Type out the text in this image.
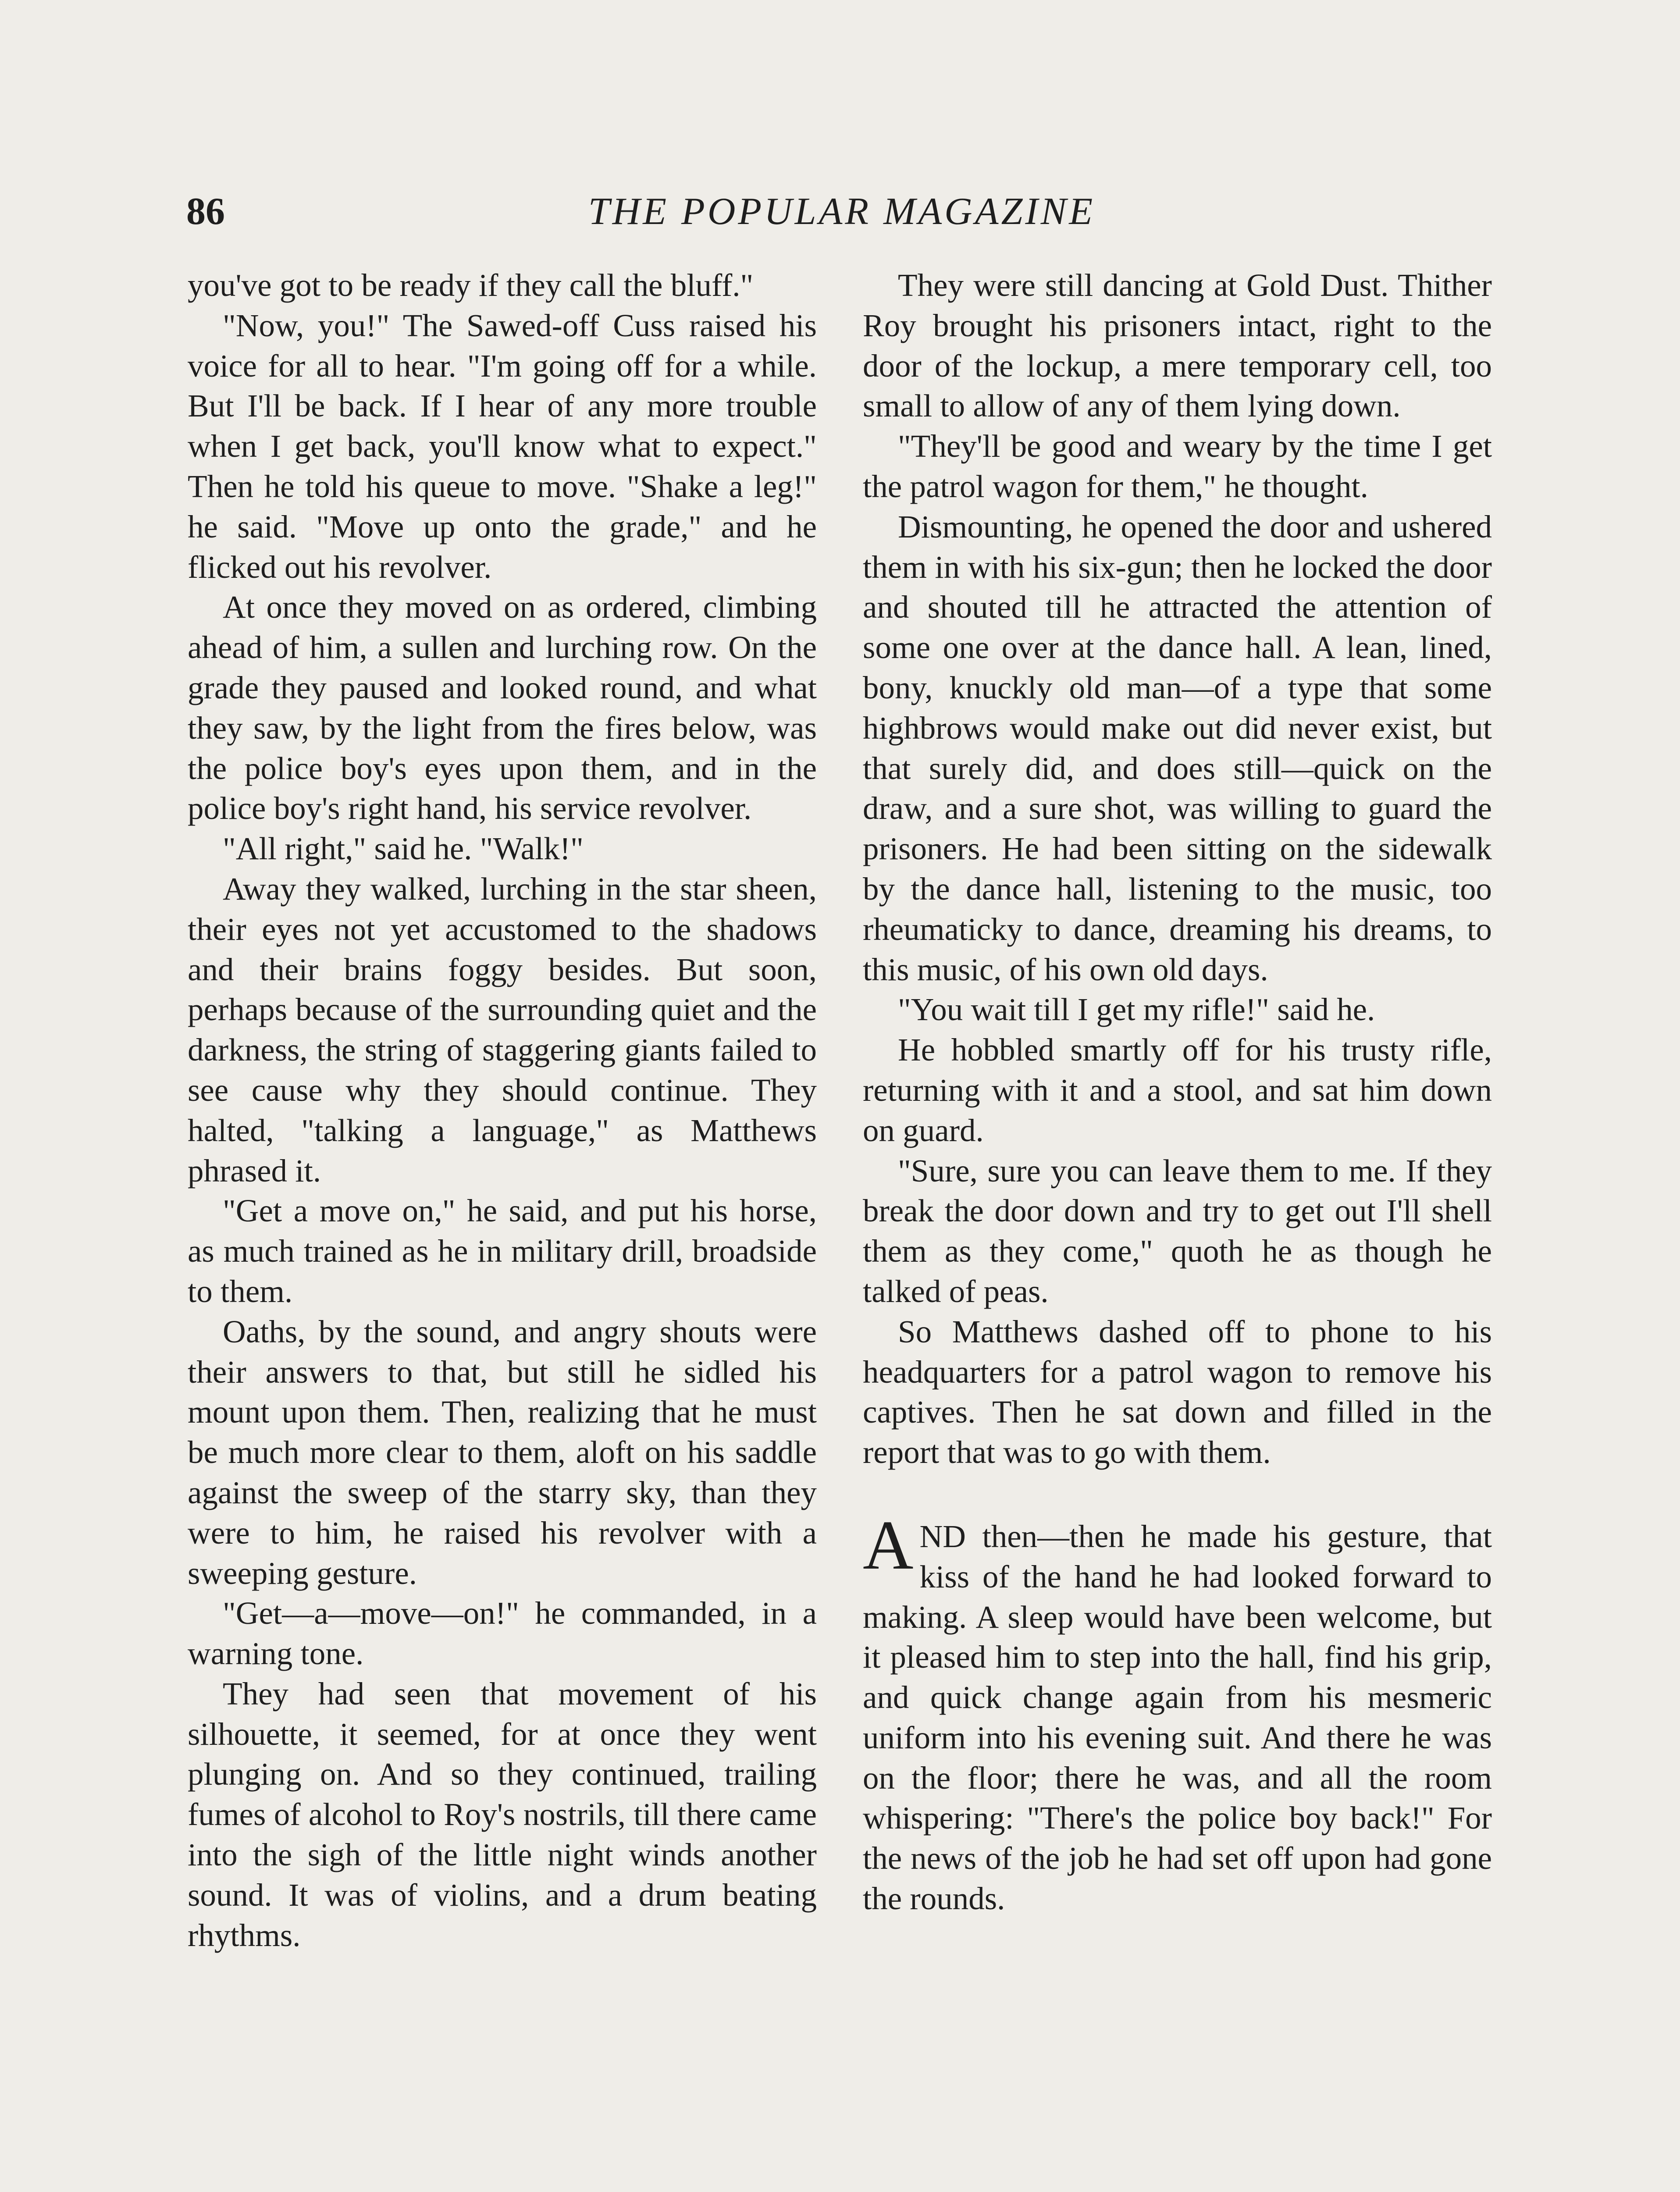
86	THE POPULAR MAGAZINE

you've got to be ready if they call the bluff."

"Now, you!" The Sawed-off Cuss raised his voice for all to hear. "I'm going off for a while. But I'll be back. If I hear of any more trouble when I get back, you'll know what to expect." Then he told his queue to move. "Shake a leg!" he said. "Move up onto the grade," and he flicked out his revolver.

At once they moved on as ordered, climbing ahead of him, a sullen and lurching row. On the grade they paused and looked round, and what they saw, by the light from the fires below, was the police boy's eyes upon them, and in the police boy's right hand, his service revolver.

"All right," said he. "Walk!"

Away they walked, lurching in the star sheen, their eyes not yet accustomed to the shadows and their brains foggy besides. But soon, perhaps because of the surrounding quiet and the darkness, the string of staggering giants failed to see cause why they should continue. They halted, "talking a language," as Matthews phrased it.

"Get a move on," he said, and put his horse, as much trained as he in military drill, broadside to them.

Oaths, by the sound, and angry shouts were their answers to that, but still he sidled his mount upon them. Then, realizing that he must be much more clear to them, aloft on his saddle against the sweep of the starry sky, than they were to him, he raised his revolver with a sweeping gesture.

"Get—a—move—on!" he commanded, in a warning tone.

They had seen that movement of his silhouette, it seemed, for at once they went plunging on. And so they continued, trailing fumes of alcohol to Roy's nostrils, till there came into the sigh of the little night winds another sound. It was of violins, and a drum beating rhythms.

They were still dancing at Gold Dust. Thither Roy brought his prisoners intact, right to the door of the lockup, a mere temporary cell, too small to allow of any of them lying down.

"They'll be good and weary by the time I get the patrol wagon for them," he thought.

Dismounting, he opened the door and ushered them in with his six-gun; then he locked the door and shouted till he attracted the attention of some one over at the dance hall. A lean, lined, bony, knuckly old man—of a type that some highbrows would make out did never exist, but that surely did, and does still—quick on the draw, and a sure shot, was willing to guard the prisoners. He had been sitting on the sidewalk by the dance hall, listening to the music, too rheumaticky to dance, dreaming his dreams, to this music, of his own old days.

"You wait till I get my rifle!" said he.

He hobbled smartly off for his trusty rifle, returning with it and a stool, and sat him down on guard.

"Sure, sure you can leave them to me. If they break the door down and try to get out I'll shell them as they come," quoth he as though he talked of peas.

So Matthews dashed off to phone to his headquarters for a patrol wagon to remove his captives. Then he sat down and filled in the report that was to go with them.

AND then—then he made his gesture, that kiss of the hand he had looked forward to making. A sleep would have been welcome, but it pleased him to step into the hall, find his grip, and quick change again from his mesmeric uniform into his evening suit. And there he was on the floor; there he was, and all the room whispering: "There's the police boy back!" For the news of the job he had set off upon had gone the rounds.
